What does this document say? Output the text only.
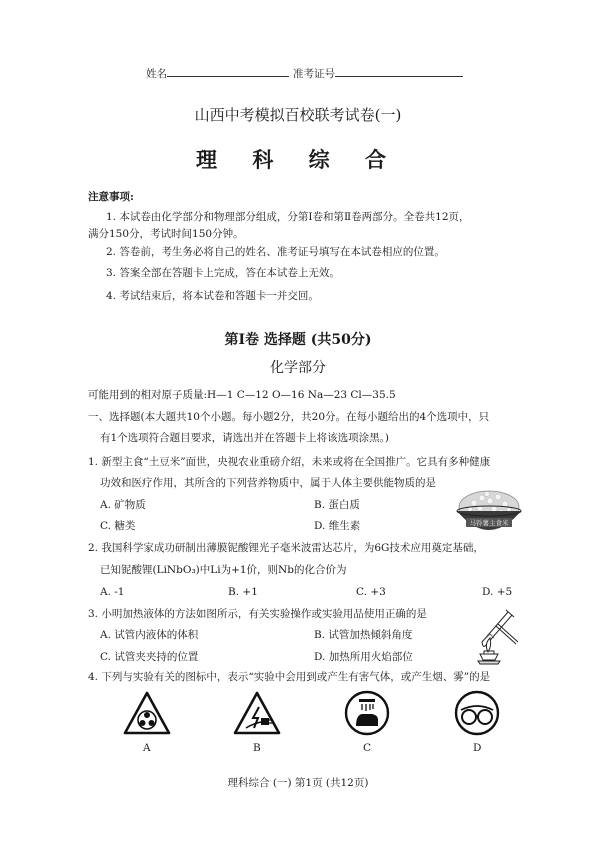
姓名	准考证号
山西中考模拟百校联考试卷(一)
理 科 综 合
注意事项:
1. 本试卷由化学部分和物理部分组成，分第Ⅰ卷和第Ⅱ卷两部分。全卷共12页，
满分150分，考试时间150分钟。
2. 答卷前，考生务必将自己的姓名、准考证号填写在本试卷相应的位置。
3. 答案全部在答题卡上完成，答在本试卷上无效。
4. 考试结束后，将本试卷和答题卡一并交回。
第Ⅰ卷 选择题 (共50分)
化学部分
可能用到的相对原子质量:H—1 C—12 O—16 Na—23 Cl—35.5
一、选择题(本大题共10个小题。每小题2分，共20分。在每小题给出的4个选项中，只
有1个选项符合题目要求，请选出并在答题卡上将该选项涂黑。)
1. 新型主食“土豆米”面世，央视农业重磅介绍，未来或将在全国推广。它具有多种健康
功效和医疗作用，其所含的下列营养物质中，属于人体主要供能物质的是
A. 矿物质	B. 蛋白质
C. 糖类	D. 维生素	马铃薯主食米
2. 我国科学家成功研制出薄膜铌酸锂光子毫米波雷达芯片，为6G技术应用奠定基础，
已知铌酸锂(LiNbO₃)中Li为+1价，则Nb的化合价为
A. -1	B. +1	C. +3	D. +5
3. 小明加热液体的方法如图所示，有关实验操作或实验用品使用正确的是
A. 试管内液体的体积	B. 试管加热倾斜角度
C. 试管夹夹持的位置	D. 加热所用火焰部位
4. 下列与实验有关的图标中，表示“实验中会用到或产生有害气体，或产生烟、雾”的是
A	B	C	D
理科综合 (一) 第1页 (共12页)
